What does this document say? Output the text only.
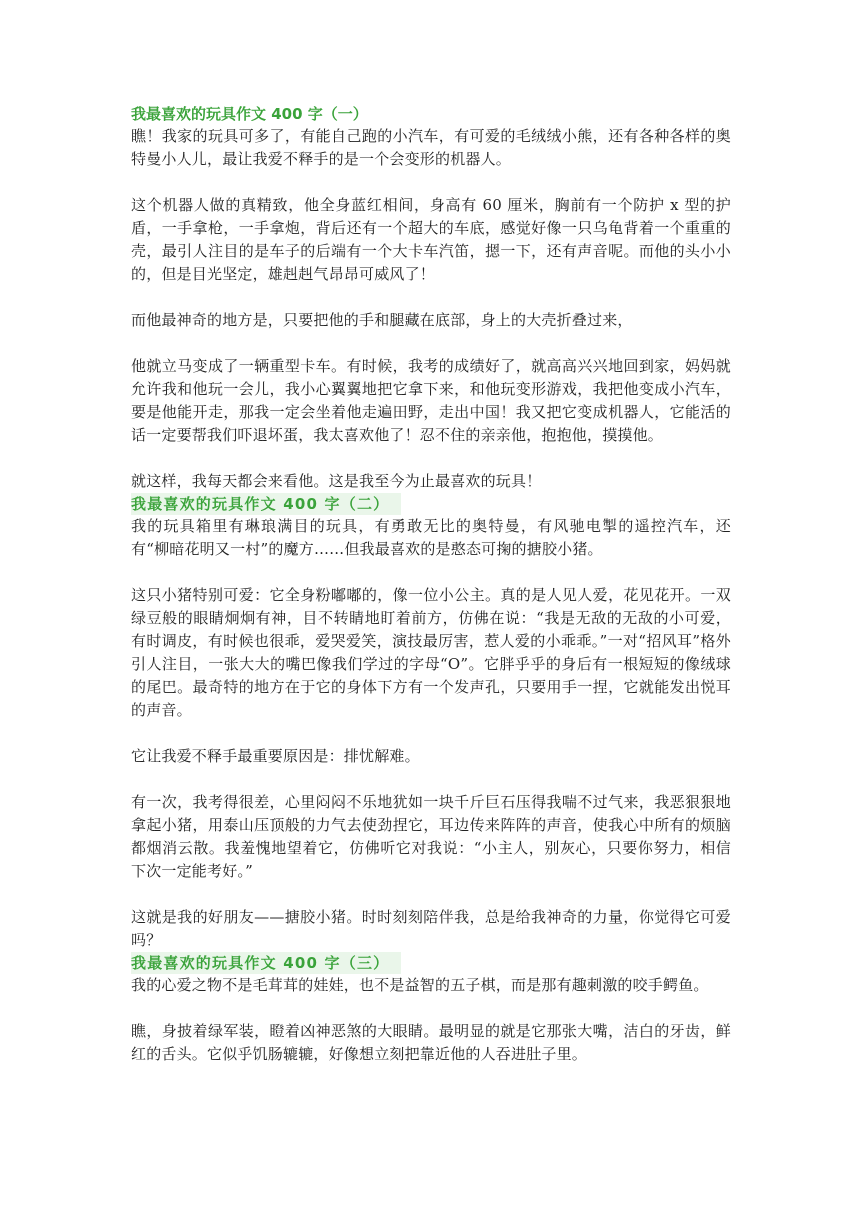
我最喜欢的玩具作文 400 字（一）

瞧！我家的玩具可多了，有能自己跑的小汽车，有可爱的毛绒绒小熊，还有各种各样的奥特曼小人儿，最让我爱不释手的是一个会变形的机器人。

这个机器人做的真精致，他全身蓝红相间，身高有 60 厘米，胸前有一个防护 x 型的护盾，一手拿枪，一手拿炮，背后还有一个超大的车底，感觉好像一只乌龟背着一个重重的壳，最引人注目的是车子的后端有一个大卡车汽笛，摁一下，还有声音呢。而他的头小小的，但是目光坚定，雄赳赳气昂昂可威风了！

而他最神奇的地方是，只要把他的手和腿藏在底部，身上的大壳折叠过来，

他就立马变成了一辆重型卡车。有时候，我考的成绩好了，就高高兴兴地回到家，妈妈就允许我和他玩一会儿，我小心翼翼地把它拿下来，和他玩变形游戏，我把他变成小汽车，要是他能开走，那我一定会坐着他走遍田野，走出中国！我又把它变成机器人，它能活的话一定要帮我们吓退坏蛋，我太喜欢他了！忍不住的亲亲他，抱抱他，摸摸他。

就这样，我每天都会来看他。这是我至今为止最喜欢的玩具！

我最喜欢的玩具作文 400 字（二）

我的玩具箱里有琳琅满目的玩具，有勇敢无比的奥特曼，有风驰电掣的遥控汽车，还有“柳暗花明又一村”的魔方……但我最喜欢的是憨态可掬的搪胶小猪。

这只小猪特别可爱：它全身粉嘟嘟的，像一位小公主。真的是人见人爱，花见花开。一双绿豆般的眼睛炯炯有神，目不转睛地盯着前方，仿佛在说：“我是无敌的无敌的小可爱，有时调皮，有时候也很乖，爱哭爱笑，演技最厉害，惹人爱的小乖乖。”一对“招风耳”格外引人注目，一张大大的嘴巴像我们学过的字母“O”。它胖乎乎的身后有一根短短的像绒球的尾巴。最奇特的地方在于它的身体下方有一个发声孔，只要用手一捏，它就能发出悦耳的声音。

它让我爱不释手最重要原因是：排忧解难。

有一次，我考得很差，心里闷闷不乐地犹如一块千斤巨石压得我喘不过气来，我恶狠狠地拿起小猪，用泰山压顶般的力气去使劲捏它，耳边传来阵阵的声音，使我心中所有的烦脑都烟消云散。我羞愧地望着它，仿佛听它对我说：“小主人，别灰心，只要你努力，相信下次一定能考好。”

这就是我的好朋友——搪胶小猪。时时刻刻陪伴我，总是给我神奇的力量，你觉得它可爱吗？

我最喜欢的玩具作文 400 字（三）

我的心爱之物不是毛茸茸的娃娃，也不是益智的五子棋，而是那有趣刺激的咬手鳄鱼。

瞧，身披着绿军装，瞪着凶神恶煞的大眼睛。最明显的就是它那张大嘴，洁白的牙齿，鲜红的舌头。它似乎饥肠辘辘，好像想立刻把靠近他的人吞进肚子里。
